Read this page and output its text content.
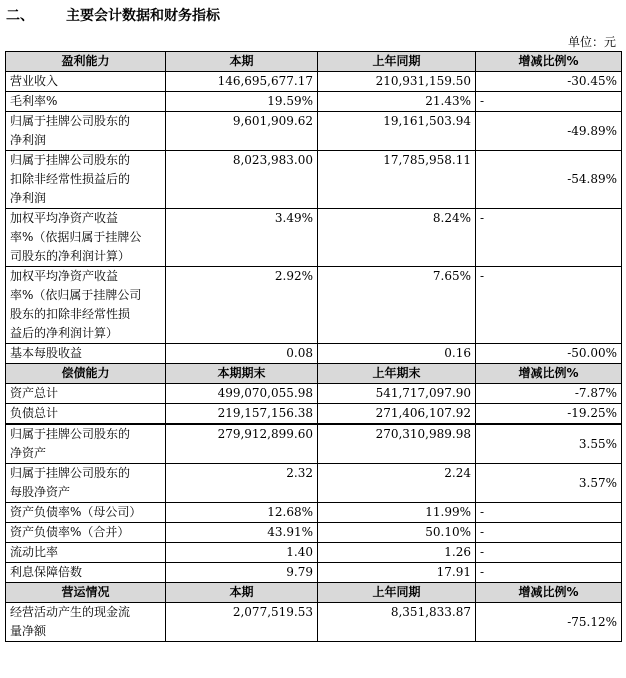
二、 主要会计数据和财务指标
单位：元
盈利能力	本期	上年同期	增减比例%
营业收入	146,695,677.17	210,931,159.50	-30.45%
毛利率%	19.59%	21.43%	-
归属于挂牌公司股东的
净利润	9,601,909.62	19,161,503.94	-49.89%
归属于挂牌公司股东的
扣除非经常性损益后的
净利润	8,023,983.00	17,785,958.11	-54.89%
加权平均净资产收益
率%（依据归属于挂牌公
司股东的净利润计算）	3.49%	8.24%	-
加权平均净资产收益
率%（依归属于挂牌公司
股东的扣除非经常性损
益后的净利润计算）	2.92%	7.65%	-
基本每股收益	0.08	0.16	-50.00%
偿债能力	本期期末	上年期末	增减比例%
资产总计	499,070,055.98	541,717,097.90	-7.87%
负债总计	219,157,156.38	271,406,107.92	-19.25%
归属于挂牌公司股东的
净资产	279,912,899.60	270,310,989.98	3.55%
归属于挂牌公司股东的
每股净资产	2.32	2.24	3.57%
资产负债率%（母公司）	12.68%	11.99%	-
资产负债率%（合并）	43.91%	50.10%	-
流动比率	1.40	1.26	-
利息保障倍数	9.79	17.91	-
营运情况	本期	上年同期	增减比例%
经营活动产生的现金流
量净额	2,077,519.53	8,351,833.87	-75.12%
